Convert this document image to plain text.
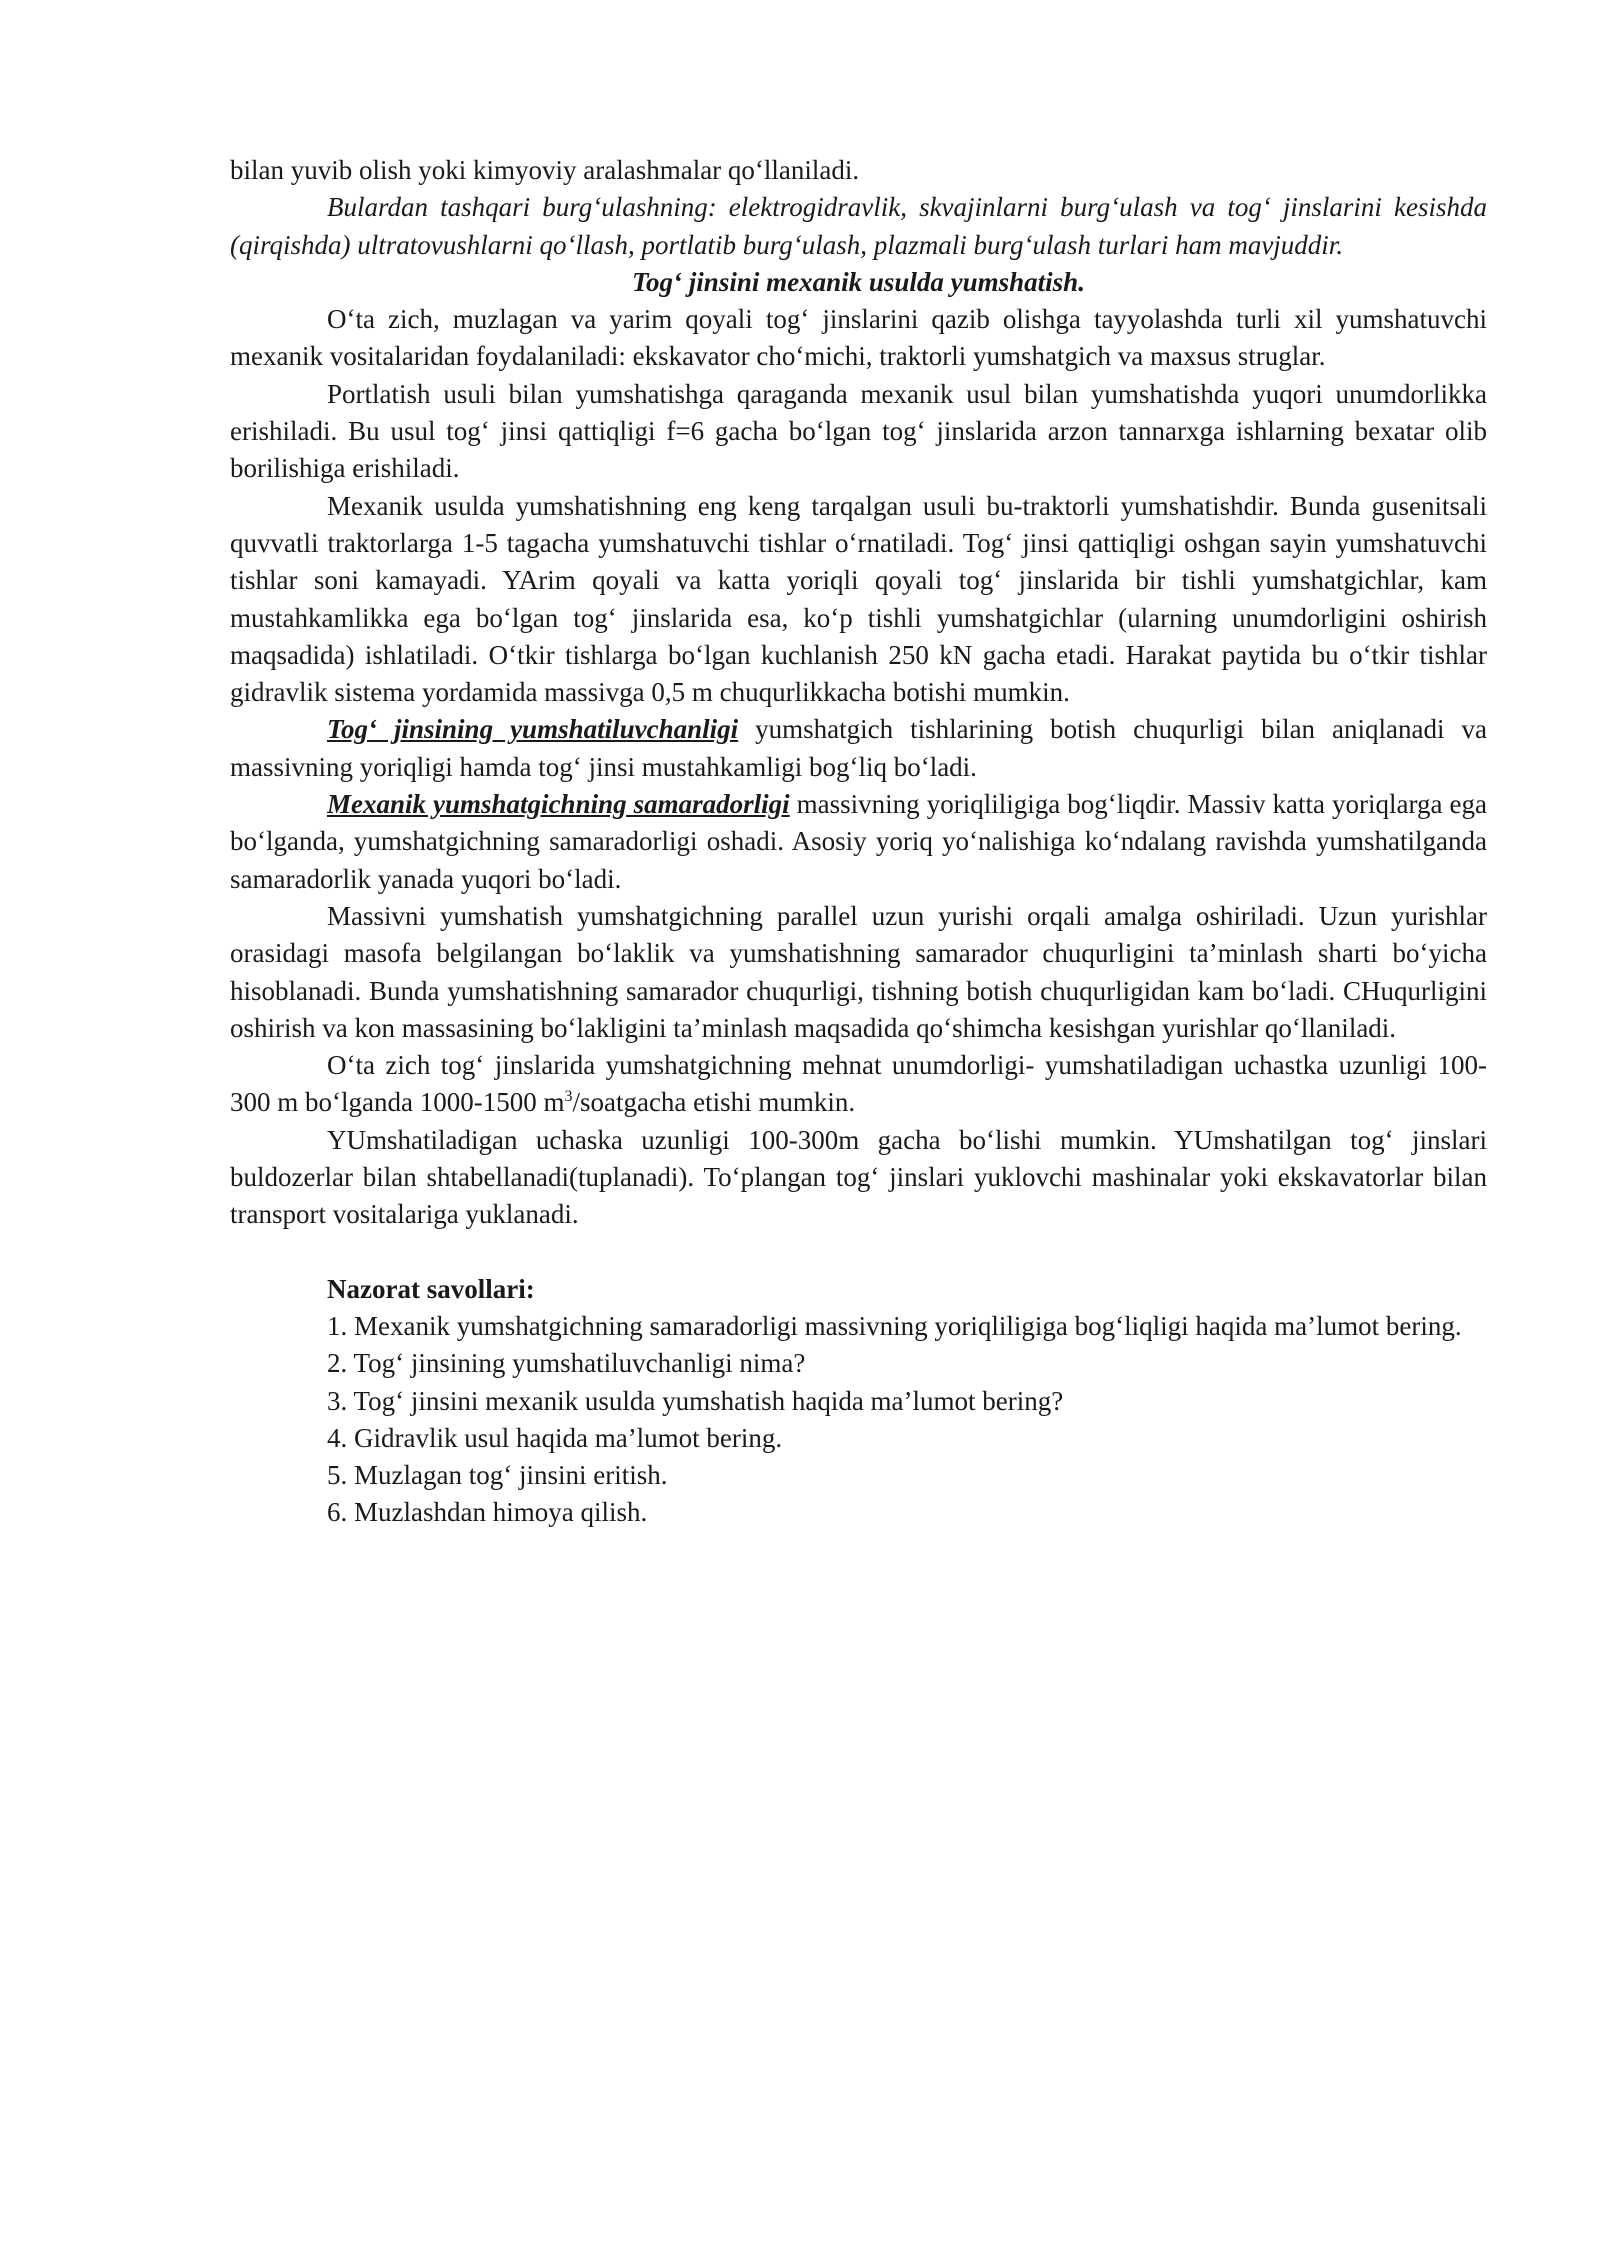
bilan yuvib olish yoki kimyoviy aralashmalar qo‘llaniladi.

Bulardan tashqari burg‘ulashning: elektrogidravlik, skvajinlarni burg‘ulash va tog‘ jinslarini kesishda (qirqishda) ultratovushlarni qo‘llash, portlatib burg‘ulash, plazmali burg‘ulash turlari ham mavjuddir.

Tog‘ jinsini mexanik usulda yumshatish.

O‘ta zich, muzlagan va yarim qoyali tog‘ jinslarini qazib olishga tayyolashda turli xil yumshatuvchi mexanik vositalaridan foydalaniladi: ekskavator cho‘michi, traktorli yumshatgich va maxsus struglar.

Portlatish usuli bilan yumshatishga qaraganda mexanik usul bilan yumshatishda yuqori unumdorlikka erishiladi. Bu usul tog‘ jinsi qattiqligi f=6 gacha bo‘lgan tog‘ jinslarida arzon tannarxga ishlarning bexatar olib borilishiga erishiladi.

Mexanik usulda yumshatishning eng keng tarqalgan usuli bu-traktorli yumshatishdir. Bunda gusenitsali quvvatli traktorlarga 1-5 tagacha yumshatuvchi tishlar o‘rnatiladi. Tog‘ jinsi qattiqligi oshgan sayin yumshatuvchi tishlar soni kamayadi. YArim qoyali va katta yoriqli qoyali tog‘ jinslarida bir tishli yumshatgichlar, kam mustahkamlikka ega bo‘lgan tog‘ jinslarida esa, ko‘p tishli yumshatgichlar (ularning unumdorligini oshirish maqsadida) ishlatiladi. O‘tkir tishlarga bo‘lgan kuchlanish 250 kN gacha etadi. Harakat paytida bu o‘tkir tishlar gidravlik sistema yordamida massivga 0,5 m chuqurlikkacha botishi mumkin.

Tog‘ jinsining yumshatiluvchanligi yumshatgich tishlarining botish chuqurligi bilan aniqlanadi va massivning yoriqligi hamda tog‘ jinsi mustahkamligi bog‘liq bo‘ladi.

Mexanik yumshatgichning samaradorligi massivning yoriqliligiga bog‘liqdir. Massiv katta yoriqlarga ega bo‘lganda, yumshatgichning samaradorligi oshadi. Asosiy yoriq yo‘nalishiga ko‘ndalang ravishda yumshatilganda samaradorlik yanada yuqori bo‘ladi.

Massivni yumshatish yumshatgichning parallel uzun yurishi orqali amalga oshiriladi. Uzun yurishlar orasidagi masofa belgilangan bo‘laklik va yumshatishning samarador chuqurligini ta’minlash sharti bo‘yicha hisoblanadi. Bunda yumshatishning samarador chuqurligi, tishning botish chuqurligidan kam bo‘ladi. CHuqurligini oshirish va kon massasining bo‘lakligini ta’minlash maqsadida qo‘shimcha kesishgan yurishlar qo‘llaniladi.

O‘ta zich tog‘ jinslarida yumshatgichning mehnat unumdorligi- yumshatiladigan uchastka uzunligi 100-300 m bo‘lganda 1000-1500 $m^3$/soatgacha etishi mumkin.

YUmshatiladigan uchaska uzunligi 100-300m gacha bo‘lishi mumkin. YUmshatilgan tog‘ jinslari buldozerlar bilan shtabellanadi(tuplanadi). To‘plangan tog‘ jinslari yuklovchi mashinalar yoki ekskavatorlar bilan transport vositalariga yuklanadi.

Nazorat savollari:

1. Mexanik yumshatgichning samaradorligi massivning yoriqliligiga bog‘liqligi haqida ma’lumot bering.

2. Tog‘ jinsining yumshatiluvchanligi nima?

3. Tog‘ jinsini mexanik usulda yumshatish haqida ma’lumot bering?

4. Gidravlik usul haqida ma’lumot bering.

5. Muzlagan tog‘ jinsini eritish.

6. Muzlashdan himoya qilish.
